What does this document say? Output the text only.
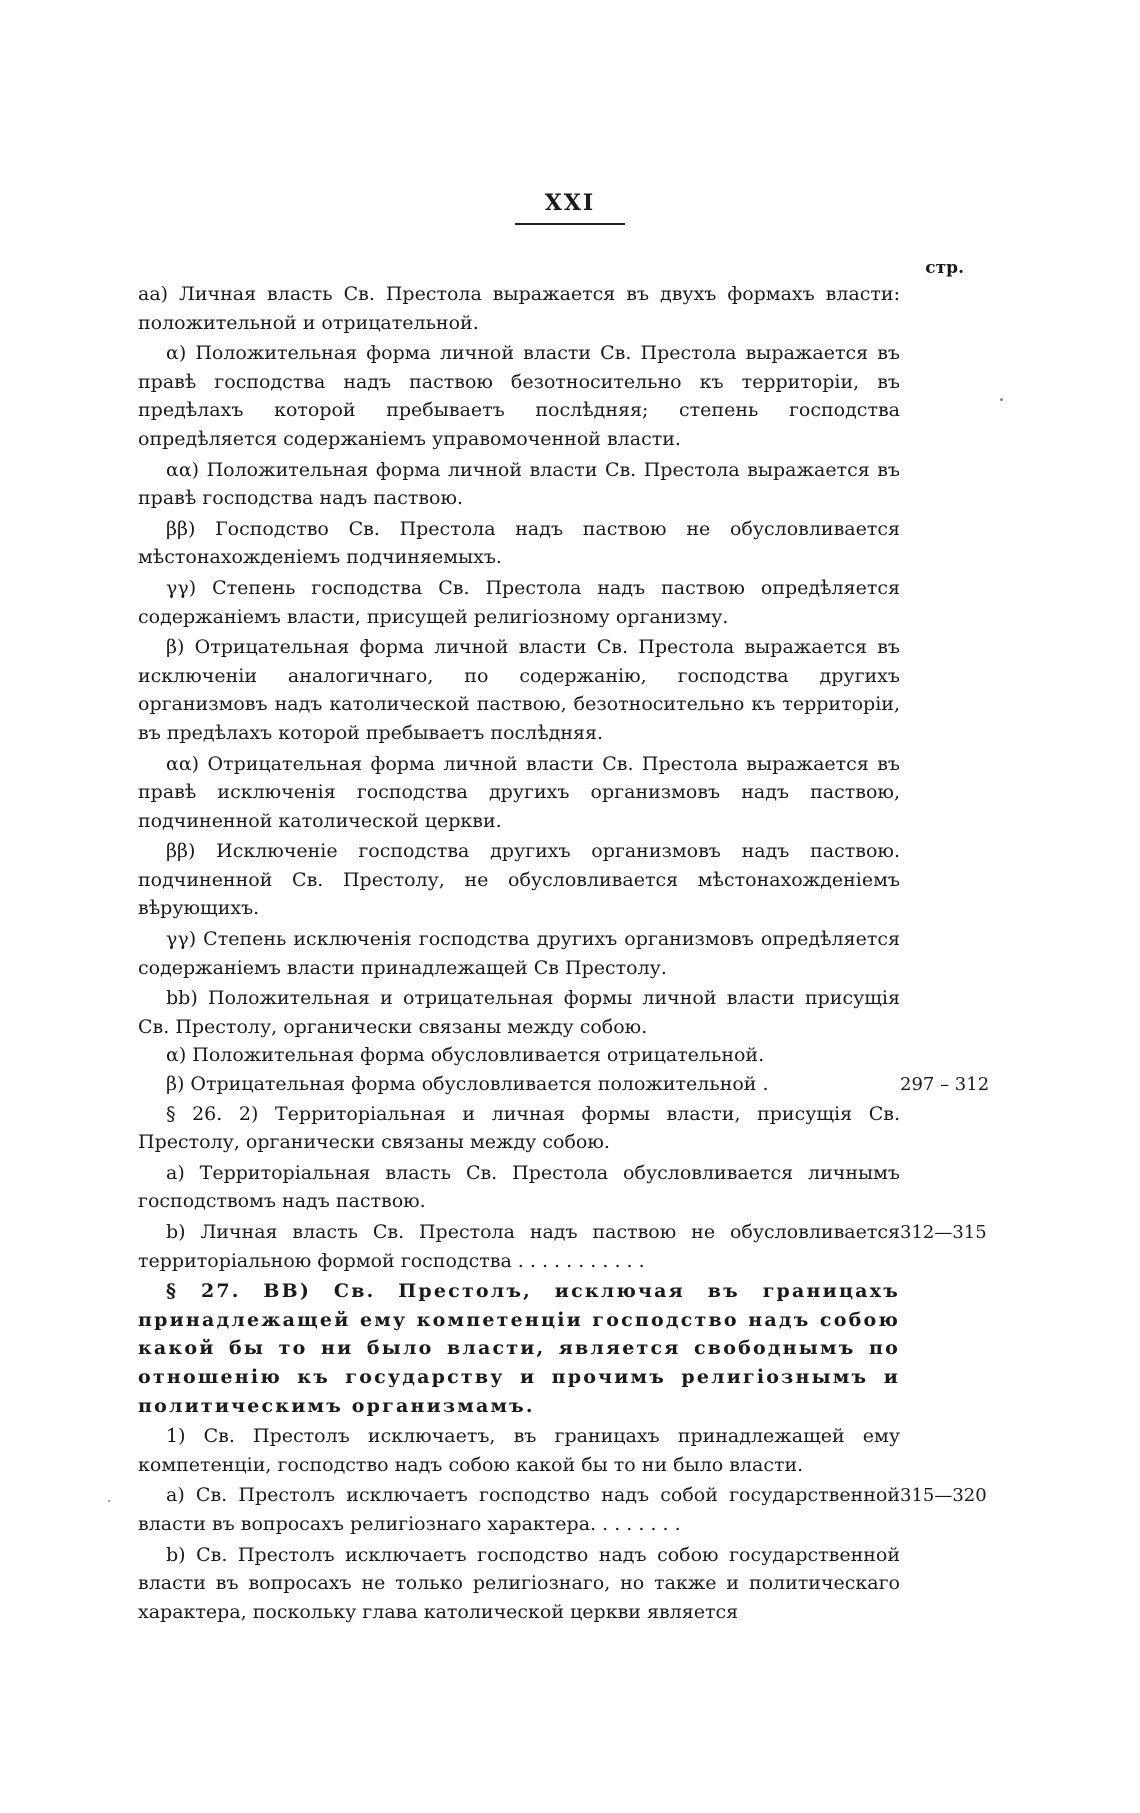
XXI
стр.
аа) Личная власть Св. Престола выражается въ двухъ формахъ власти: положительной и отрицательной.
α) Положительная форма личной власти Св. Престола выражается въ правѣ господства надъ паствою безотносительно къ территоріи, въ предѣлахъ которой пребываетъ послѣдняя; степень господства опредѣляется содержаніемъ управомоченной власти.
αα) Положительная форма личной власти Св. Престола выражается въ правѣ господства надъ паствою.
ββ) Господство Св. Престола надъ паствою не обусловливается мѣстонахожденіемъ подчиняемыхъ.
γγ) Степень господства Св. Престола надъ паствою опредѣляется содержаніемъ власти, присущей религіозному организму.
β) Отрицательная форма личной власти Св. Престола выражается въ исключеніи аналогичнаго, по содержанію, господства другихъ организмовъ надъ католической паствою, безотносительно къ территоріи, въ предѣлахъ которой пребываетъ послѣдняя.
αα) Отрицательная форма личной власти Св. Престола выражается въ правѣ исключенія господства другихъ организмовъ надъ паствою, подчиненной католической церкви.
ββ) Исключеніе господства другихъ организмовъ надъ паствою. подчиненной Св. Престолу, не обусловливается мѣстонахожденіемъ вѣрующихъ.
γγ) Степень исключенія господства другихъ организмовъ опредѣляется содержаніемъ власти принадлежащей Св Престолу.
bb) Положительная и отрицательная формы личной власти присущія Св. Престолу, органически связаны между собою.
α) Положительная форма обусловливается отрицательной.
β) Отрицательная форма обусловливается положительной .	297 – 312
§ 26. 2) Территоріальная и личная формы власти, присущія Св. Престолу, органически связаны между собою.
a) Территоріальная власть Св. Престола обусловливается личнымъ господствомъ надъ паствою.
b) Личная власть Св. Престола надъ паствою не обусловливается территоріальною формой господства . . . . . . . . . . .
312—315
§ 27. BB) Св. Престолъ, исключая въ границахъ принадлежащей ему компетенціи господство надъ собою какой бы то ни было власти, является свободнымъ по отношенію къ государству и прочимъ религіознымъ и политическимъ организмамъ.
1) Св. Престолъ исключаетъ, въ границахъ принадлежащей ему компетенціи, господство надъ собою какой бы то ни было власти.
a) Св. Престолъ исключаетъ господство надъ собой государственной власти въ вопросахъ религіознаго характера. . . . . . . .
315—320
b) Св. Престолъ исключаетъ господство надъ собою государственной власти въ вопросахъ не только религіознаго, но также и политическаго характера, поскольку глава католической церкви является
